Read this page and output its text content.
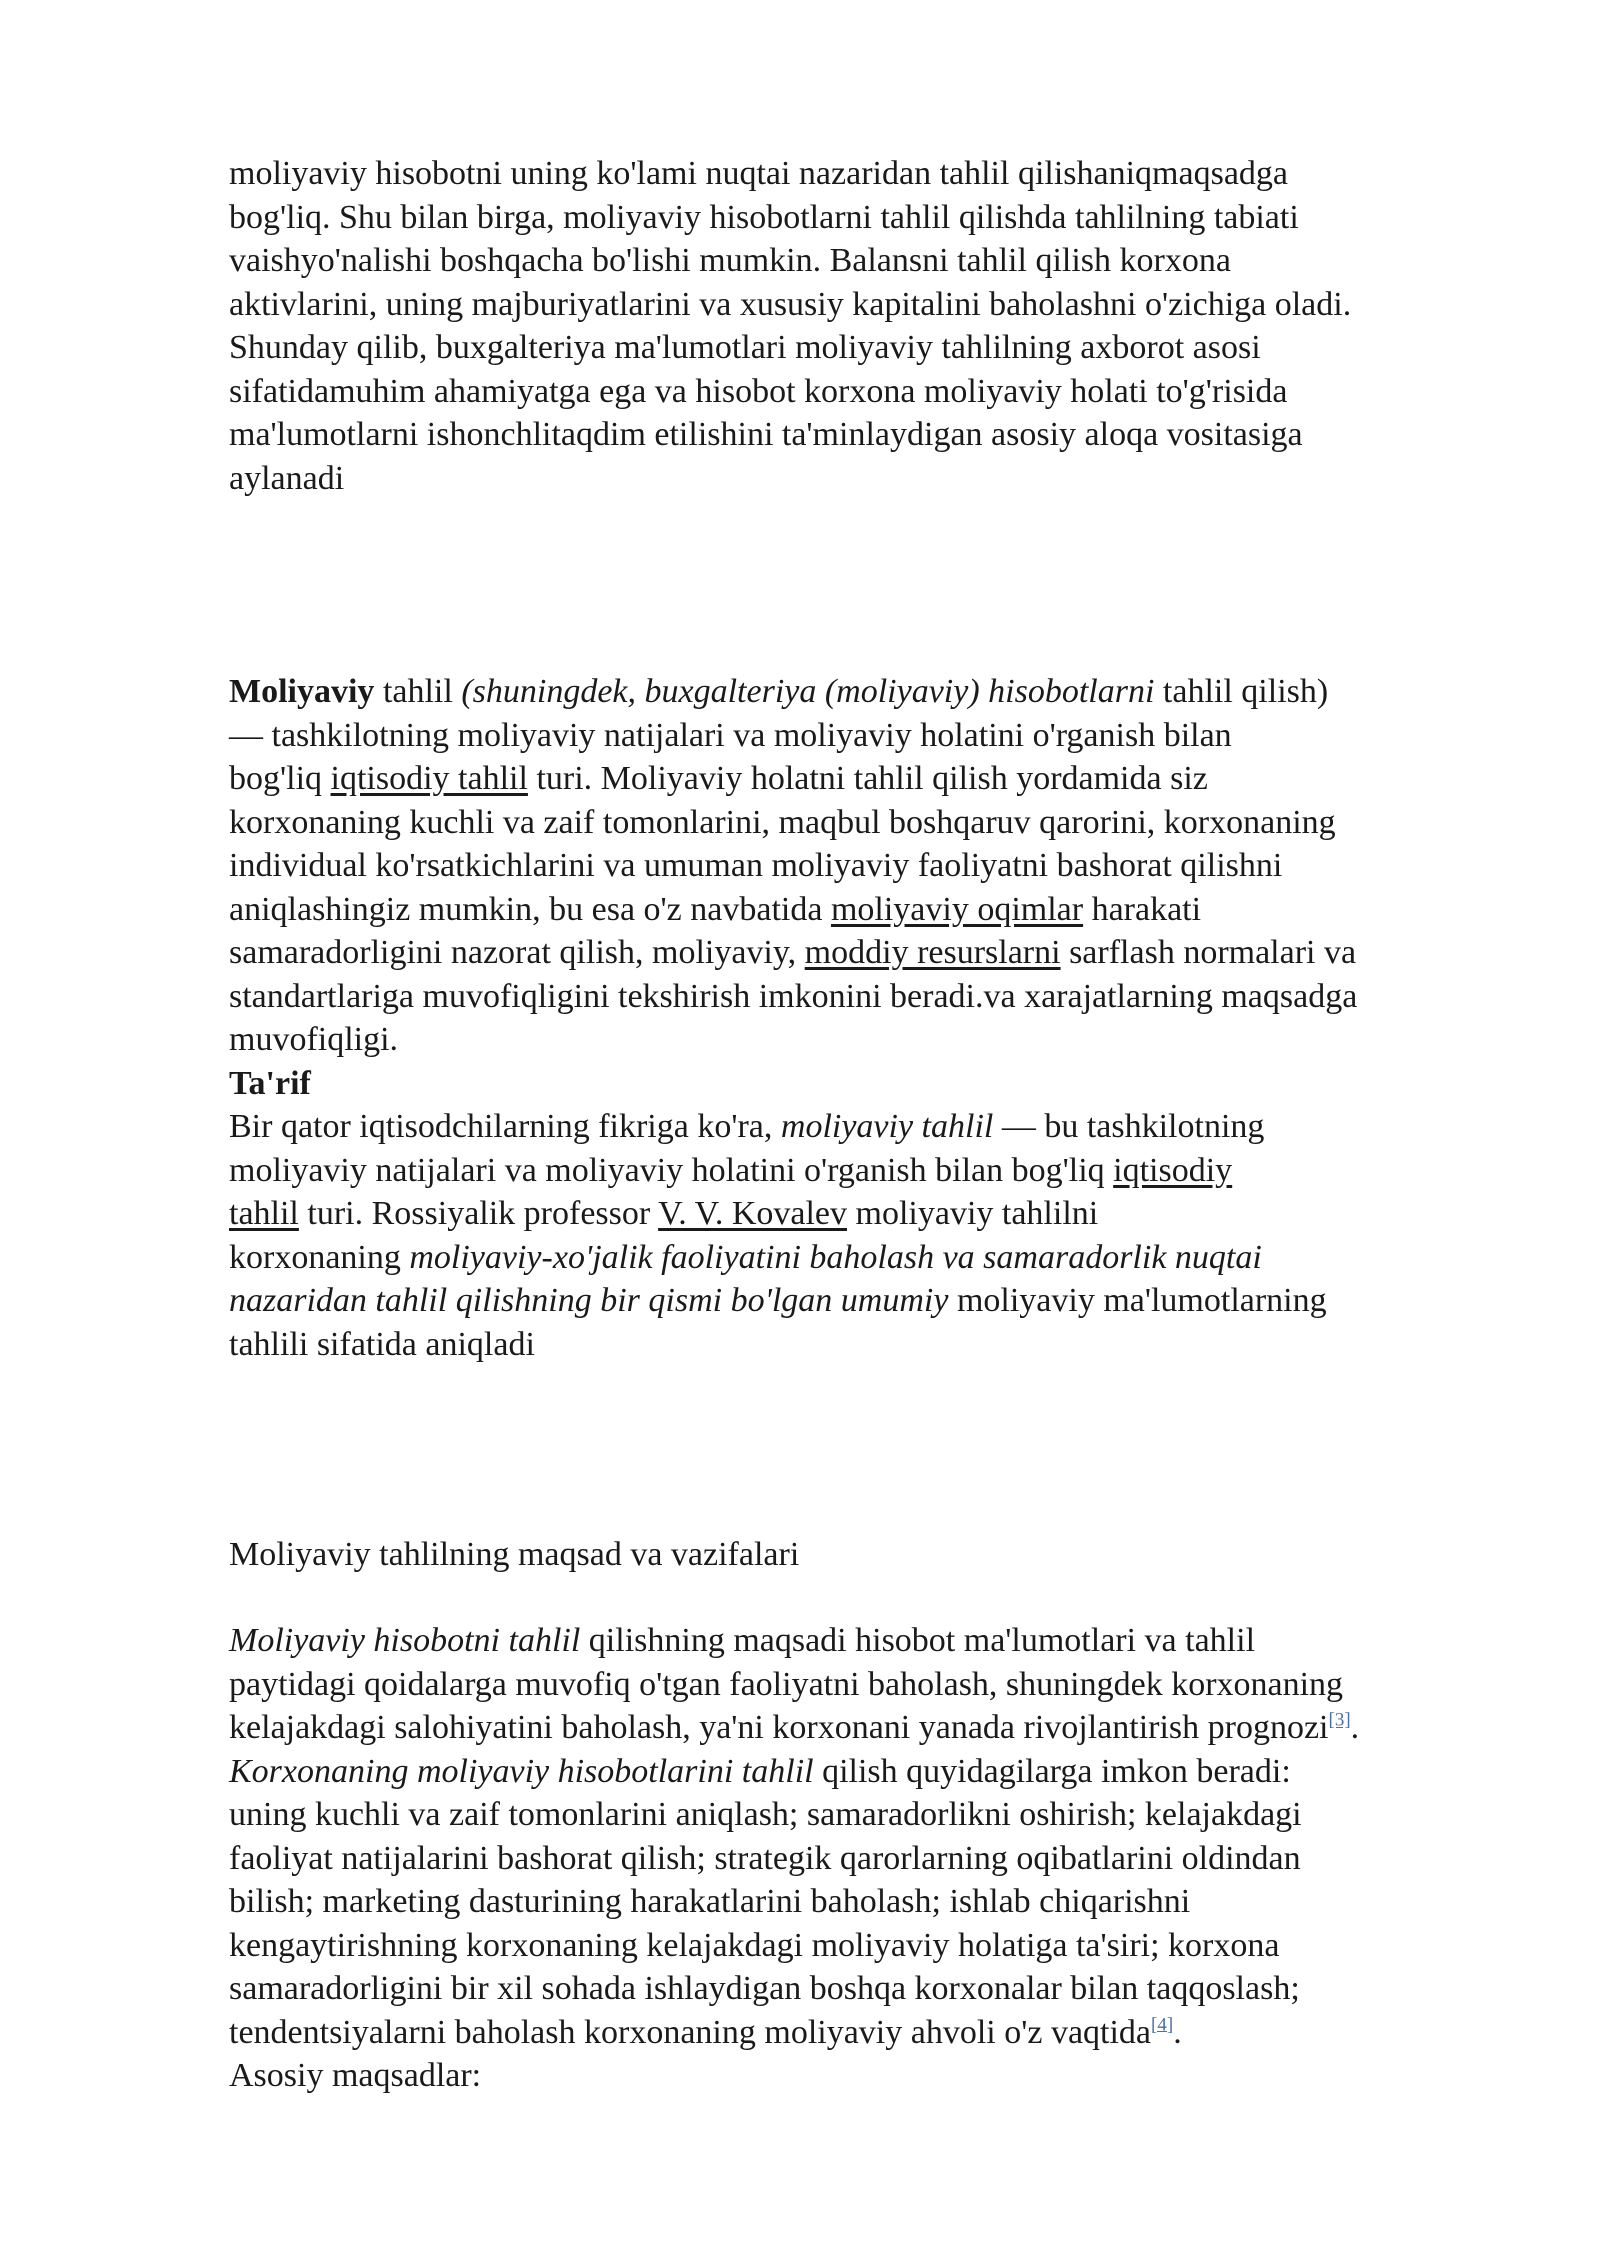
moliyaviy hisobotni uning ko'lami nuqtai nazaridan tahlil qilishaniqmaqsadga
bog'liq. Shu bilan birga, moliyaviy hisobotlarni tahlil qilishda tahlilning tabiati
vaishyo'nalishi boshqacha bo'lishi mumkin. Balansni tahlil qilish korxona
aktivlarini, uning majburiyatlarini va xususiy kapitalini baholashni o'zichiga oladi.
Shunday qilib, buxgalteriya ma'lumotlari moliyaviy tahlilning axborot asosi
sifatidamuhim ahamiyatga ega va hisobot korxona moliyaviy holati to'g'risida
ma'lumotlarni ishonchlitaqdim etilishini ta'minlaydigan asosiy aloqa vositasiga
aylanadi
Moliyaviy tahlil (shuningdek, buxgalteriya (moliyaviy) hisobotlarni tahlil qilish)
— tashkilotning moliyaviy natijalari va moliyaviy holatini o'rganish bilan
bog'liq iqtisodiy tahlil turi. Moliyaviy holatni tahlil qilish yordamida siz
korxonaning kuchli va zaif tomonlarini, maqbul boshqaruv qarorini, korxonaning
individual ko'rsatkichlarini va umuman moliyaviy faoliyatni bashorat qilishni
aniqlashingiz mumkin, bu esa o'z navbatida moliyaviy oqimlar harakati
samaradorligini nazorat qilish, moliyaviy, moddiy resurslarni sarflash normalari va
standartlariga muvofiqligini tekshirish imkonini beradi.va xarajatlarning maqsadga
muvofiqligi.
Ta'rif
Bir qator iqtisodchilarning fikriga ko'ra, moliyaviy tahlil — bu tashkilotning
moliyaviy natijalari va moliyaviy holatini o'rganish bilan bog'liq iqtisodiy
tahlil turi. Rossiyalik professor V. V. Kovalev moliyaviy tahlilni
korxonaning moliyaviy-xo'jalik faoliyatini baholash va samaradorlik nuqtai
nazaridan tahlil qilishning bir qismi bo'lgan umumiy moliyaviy ma'lumotlarning
tahlili sifatida aniqladi
Moliyaviy tahlilning maqsad va vazifalari
Moliyaviy hisobotni tahlil qilishning maqsadi hisobot ma'lumotlari va tahlil
paytidagi qoidalarga muvofiq o'tgan faoliyatni baholash, shuningdek korxonaning
kelajakdagi salohiyatini baholash, ya'ni korxonani yanada rivojlantirish prognozi[3].
Korxonaning moliyaviy hisobotlarini tahlil qilish quyidagilarga imkon beradi:
uning kuchli va zaif tomonlarini aniqlash; samaradorlikni oshirish; kelajakdagi
faoliyat natijalarini bashorat qilish; strategik qarorlarning oqibatlarini oldindan
bilish; marketing dasturining harakatlarini baholash; ishlab chiqarishni
kengaytirishning korxonaning kelajakdagi moliyaviy holatiga ta'siri; korxona
samaradorligini bir xil sohada ishlaydigan boshqa korxonalar bilan taqqoslash;
tendentsiyalarni baholash korxonaning moliyaviy ahvoli o'z vaqtida[4].
Asosiy maqsadlar:
